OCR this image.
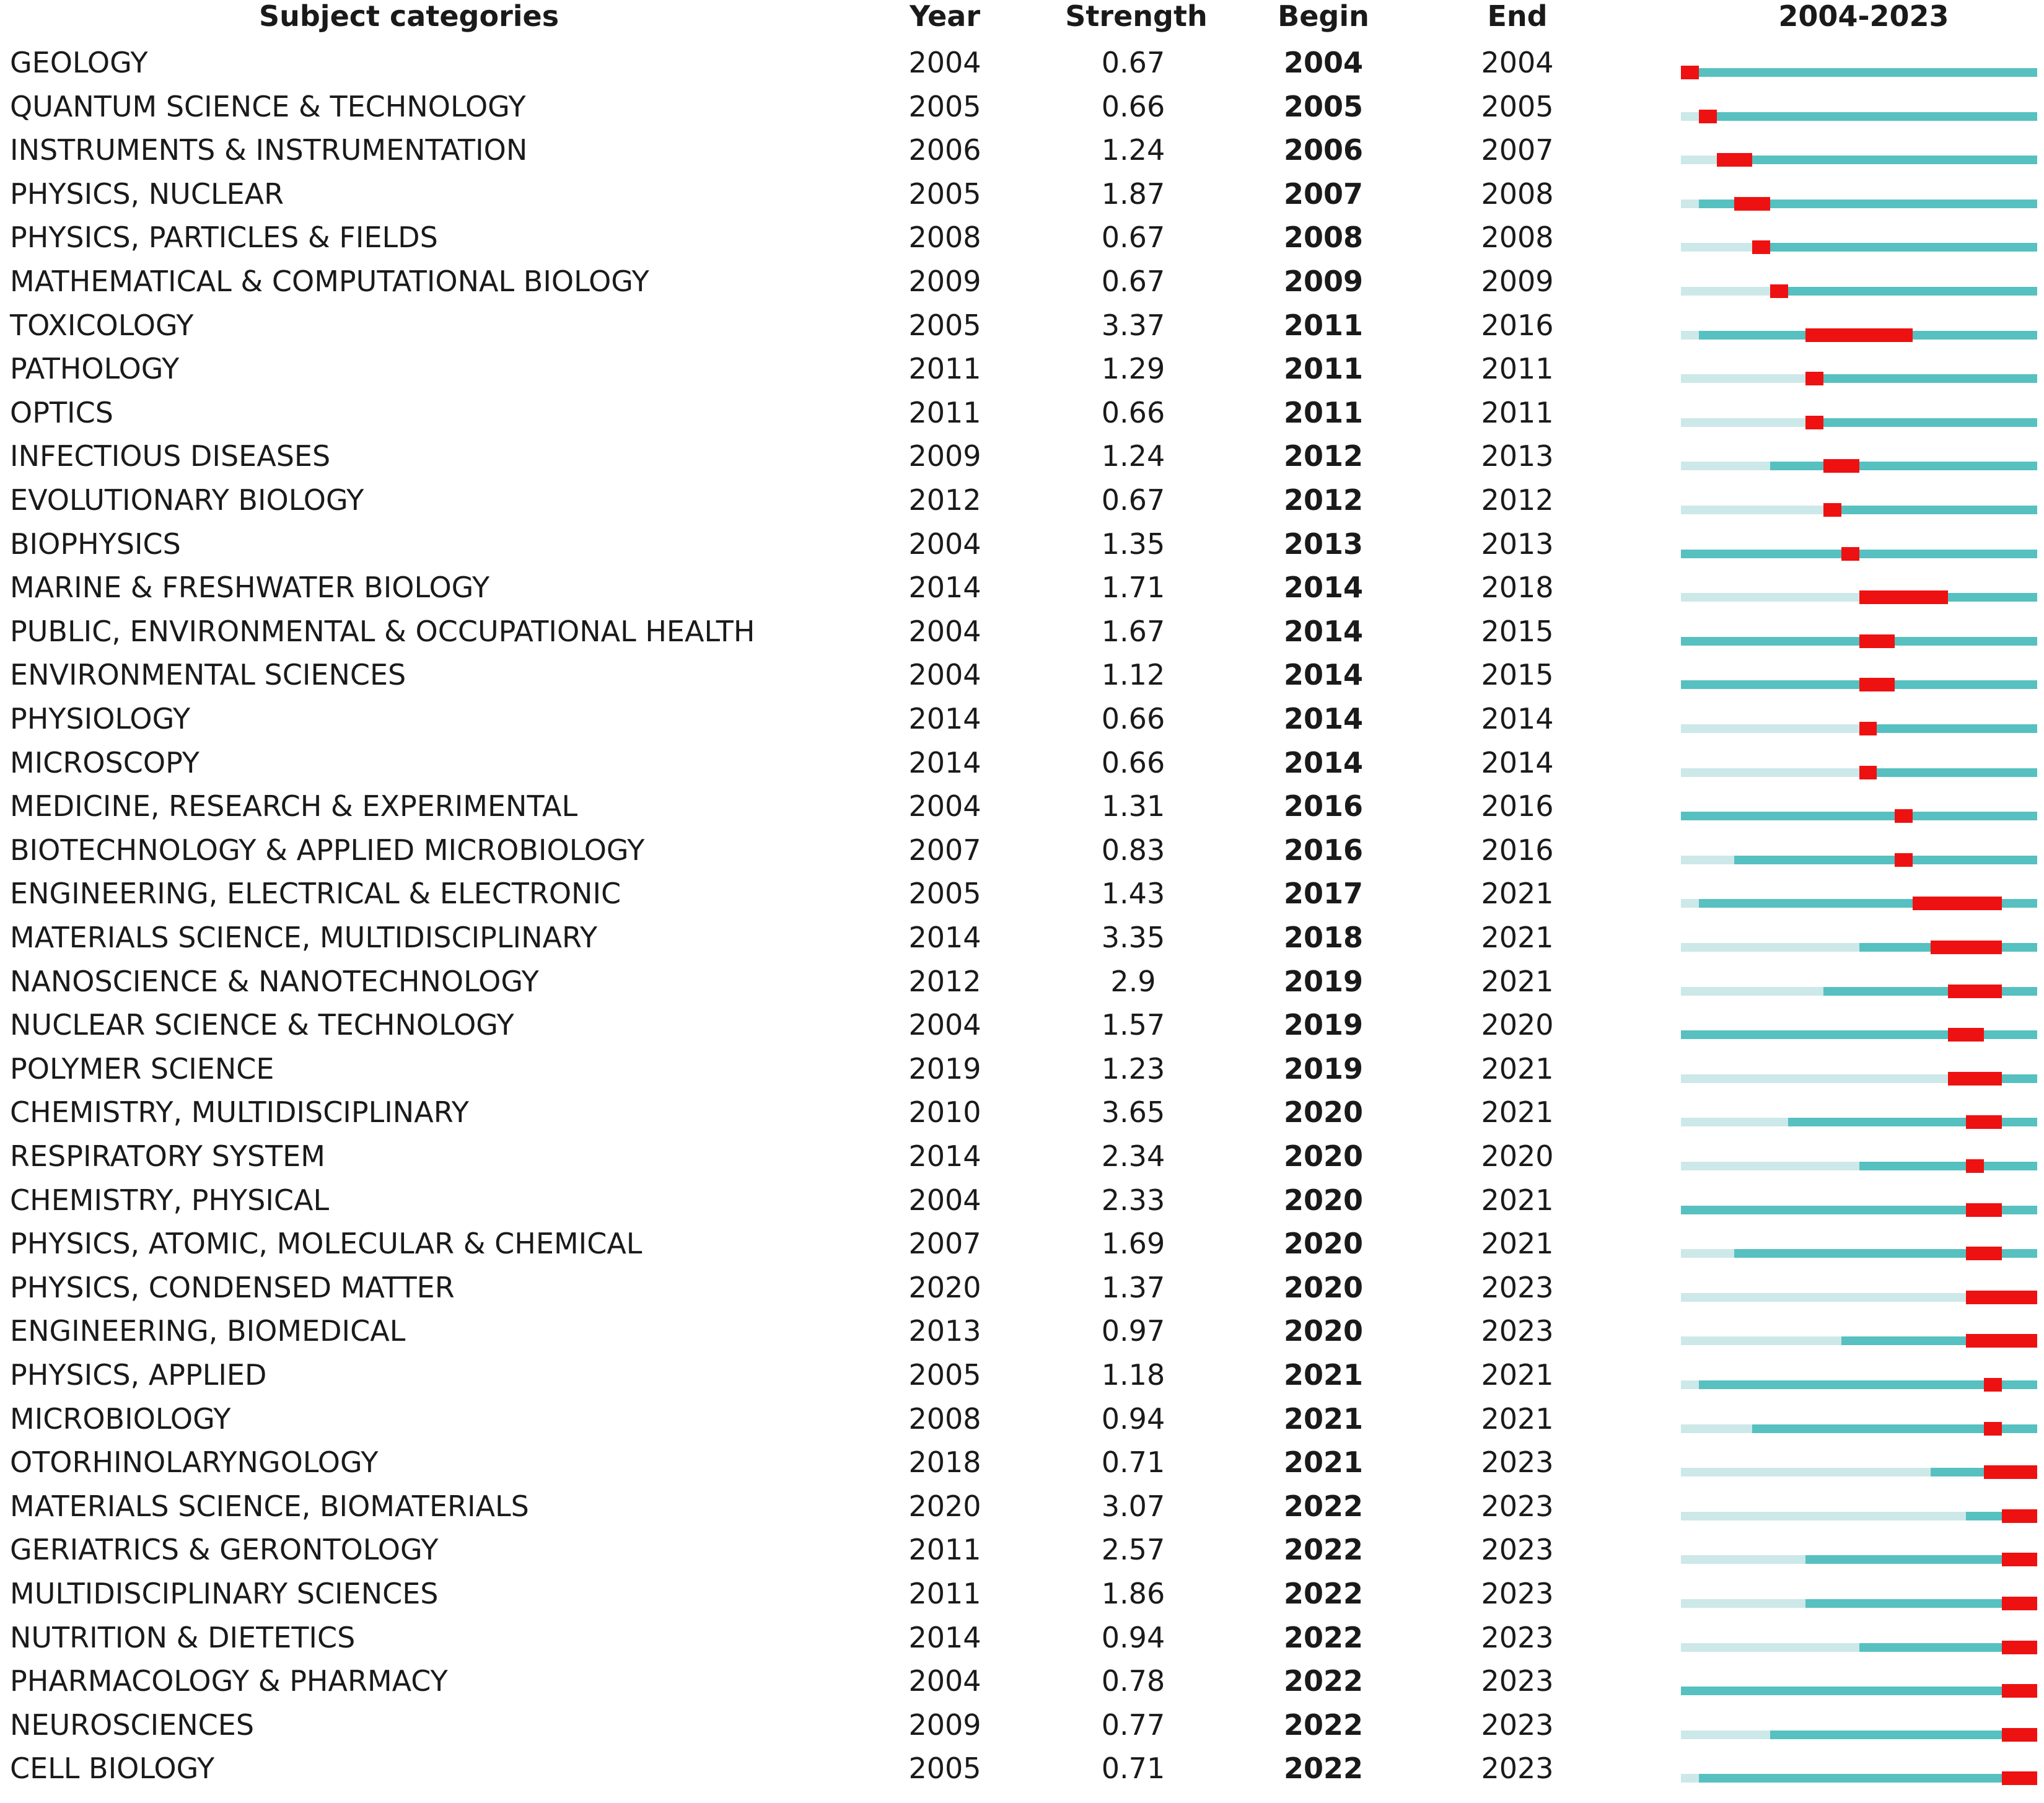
Subject categories	Year	Strength Begin	End	2004-2023
GEOLOGY	2004	0.67	2004	2004
QUANTUM SCIENCE & TECHNOLOGY	2005	0.66	2005	2005
INSTRUMENTS & INSTRUMENTATION	2006	1.24	2006	2007
PHYSICS, NUCLEAR	2005	1.87	2007	2008
PHYSICS, PARTICLES & FIELDS	2008	0.67	2008	2008
MATHEMATICAL & COMPUTATIONAL BIOLOGY	2009	0.67	2009	2009
TOXICOLOGY	2005	3.37	2011	2016
PATHOLOGY	2011	1.29	2011	2011
OPTICS	2011	0.66	2011	2011
INFECTIOUS DISEASES	2009	1.24	2012	2013
EVOLUTIONARY BIOLOGY	2012	0.67	2012	2012
BIOPHYSICS	2004	1.35	2013	2013
MARINE & FRESHWATER BIOLOGY	2014	1.71	2014	2018
PUBLIC, ENVIRONMENTAL & OCCUPATIONAL HEALTH	2004	1.67	2014	2015
ENVIRONMENTAL SCIENCES	2004	1.12	2014	2015
PHYSIOLOGY	2014	0.66	2014	2014
MICROSCOPY	2014	0.66	2014	2014
MEDICINE, RESEARCH & EXPERIMENTAL	2004	1.31	2016	2016
BIOTECHNOLOGY & APPLIED MICROBIOLOGY	2007	0.83	2016	2016
ENGINEERING, ELECTRICAL & ELECTRONIC	2005	1.43	2017	2021
MATERIALS SCIENCE, MULTIDISCIPLINARY	2014	3.35	2018	2021
NANOSCIENCE & NANOTECHNOLOGY	2012	2.9	2019	2021
NUCLEAR SCIENCE & TECHNOLOGY	2004	1.57	2019	2020
POLYMER SCIENCE	2019	1.23	2019	2021
CHEMISTRY, MULTIDISCIPLINARY	2010	3.65	2020	2021
RESPIRATORY SYSTEM	2014	2.34	2020	2020
CHEMISTRY, PHYSICAL	2004	2.33	2020	2021
PHYSICS, ATOMIC, MOLECULAR & CHEMICAL	2007	1.69	2020	2021
PHYSICS, CONDENSED MATTER	2020	1.37	2020	2023
ENGINEERING, BIOMEDICAL	2013	0.97	2020	2023
PHYSICS, APPLIED	2005	1.18	2021	2021
MICROBIOLOGY	2008	0.94	2021	2021
OTORHINOLARYNGOLOGY	2018	0.71	2021	2023
MATERIALS SCIENCE, BIOMATERIALS	2020	3.07	2022	2023
GERIATRICS & GERONTOLOGY	2011	2.57	2022	2023
MULTIDISCIPLINARY SCIENCES	2011	1.86	2022	2023
NUTRITION & DIETETICS	2014	0.94	2022	2023
PHARMACOLOGY & PHARMACY	2004	0.78	2022	2023
NEUROSCIENCES	2009	0.77	2022	2023
CELL BIOLOGY	2005	0.71	2022	2023
